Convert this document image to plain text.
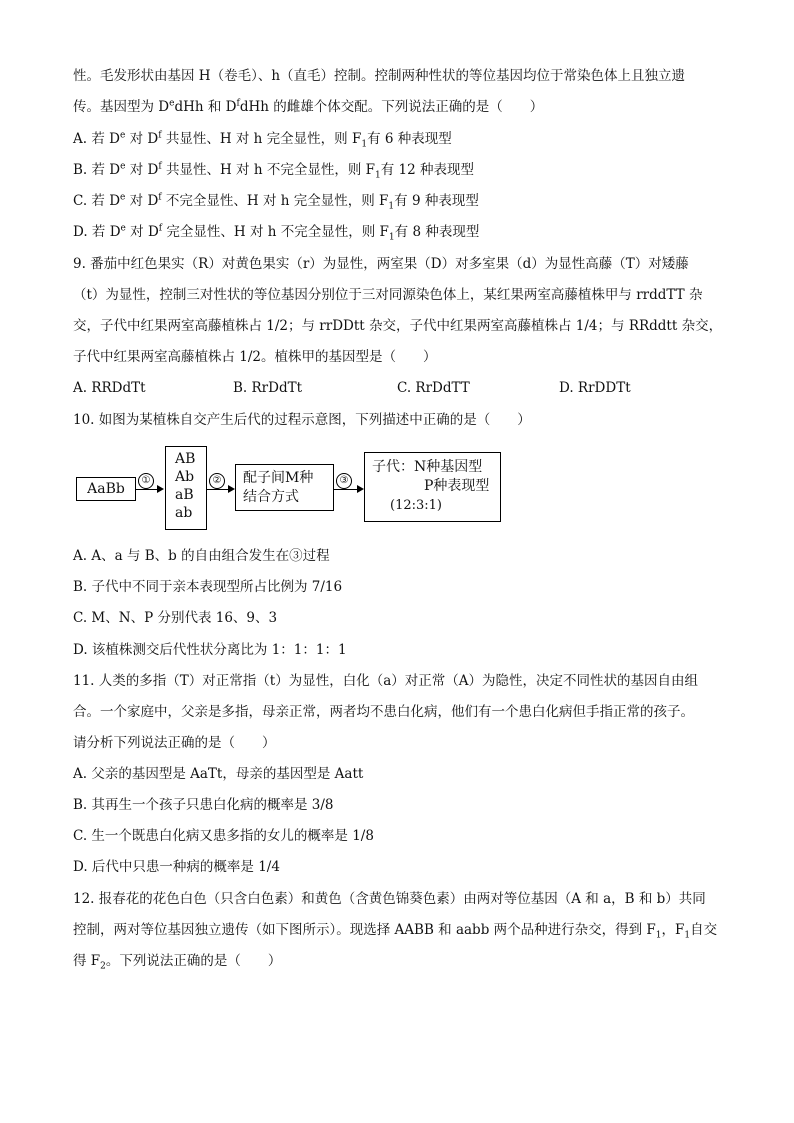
性。毛发形状由基因 H（卷毛）、h（直毛）控制。控制两种性状的等位基因均位于常染色体上且独立遗
传。基因型为 DedHh 和 $D^fdHh$ 的雌雄个体交配。下列说法正确的是（　　）
A. 若 De 对 $D^f$ 共显性、H 对 h 完全显性，则 $F_1$有 6 种表现型
B. 若 De 对 $D^f$ 共显性、H 对 h 不完全显性，则 $F_1$有 12 种表现型
C. 若 De 对 $D^f$ 不完全显性、H 对 h 完全显性，则 $F_1$有 9 种表现型
D. 若 De 对 $D^f$ 完全显性、H 对 h 不完全显性，则 $F_1$有 8 种表现型
9. 番茄中红色果实（R）对黄色果实（r）为显性，两室果（D）对多室果（d）为显性高藤（T）对矮藤
（t）为显性，控制三对性状的等位基因分别位于三对同源染色体上，某红果两室高藤植株甲与 rrddTT 杂
交，子代中红果两室高藤植株占 1/2；与 rrDDtt 杂交，子代中红果两室高藤植株占 1/4；与 RRddtt 杂交，
子代中红果两室高藤植株占 1/2。植株甲的基因型是（　　）
A. RRDdTt	B. RrDdTt	C. RrDdTT	D. RrDDTt
10. 如图为某植株自交产生后代的过程示意图，下列描述中正确的是（　　）
AaBb
①
AB
Ab
aB
ab
② 配子间M种
结合方式
③
子代：N种基因型
P种表现型
(12:3:1)
A. A、a 与 B、b 的自由组合发生在③过程
B. 子代中不同于亲本表现型所占比例为 7/16
C. M、N、P 分别代表 16、9、3
D. 该植株测交后代性状分离比为 1：1：1：1
11. 人类的多指（T）对正常指（t）为显性，白化（a）对正常（A）为隐性，决定不同性状的基因自由组
合。一个家庭中，父亲是多指，母亲正常，两者均不患白化病，他们有一个患白化病但手指正常的孩子。
请分析下列说法正确的是（　　）
A. 父亲的基因型是 AaTt，母亲的基因型是 Aatt
B. 其再生一个孩子只患白化病的概率是 3/8
C. 生一个既患白化病又患多指的女儿的概率是 1/8
D. 后代中只患一种病的概率是 1/4
12. 报春花的花色白色（只含白色素）和黄色（含黄色锦葵色素）由两对等位基因（A 和 a，B 和 b）共同
控制，两对等位基因独立遗传（如下图所示）。现选择 AABB 和 aabb 两个品种进行杂交，得到 $F_1$，$F_1$自交
得 $F_2$。下列说法正确的是（　　）
